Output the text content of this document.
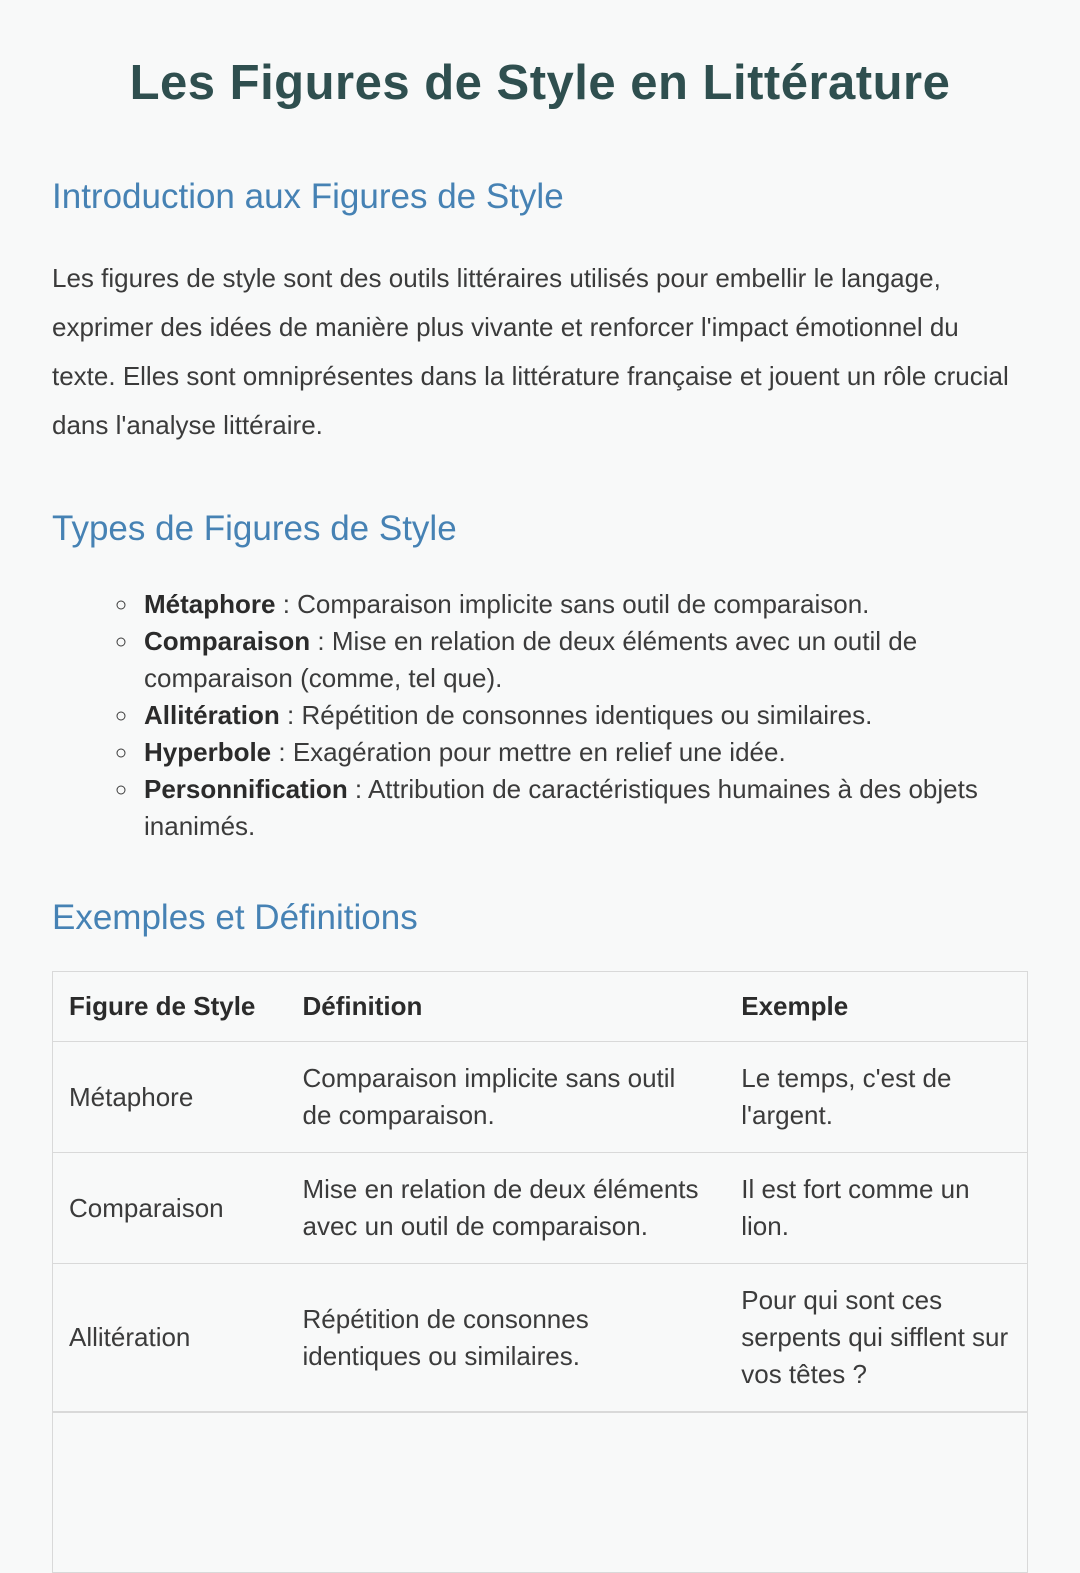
Les Figures de Style en Littérature
Introduction aux Figures de Style

Les figures de style sont des outils littéraires utilisés pour embellir le langage, exprimer des idées de manière plus vivante et renforcer l'impact émotionnel du texte. Elles sont omniprésentes dans la littérature française et jouent un rôle crucial dans l'analyse littéraire.

Types de Figures de Style
◦ Métaphore : Comparaison implicite sans outil de comparaison.
◦ Comparaison : Mise en relation de deux éléments avec un outil de comparaison (comme, tel que).
◦ Allitération : Répétition de consonnes identiques ou similaires.
◦ Hyperbole : Exagération pour mettre en relief une idée.
◦ Personnification : Attribution de caractéristiques humaines à des objets inanimés.
Exemples et Définitions
Figure de Style	Définition	Exemple
Métaphore	Comparaison implicite sans outil de comparaison.	Le temps, c'est de l'argent.
Comparaison	Mise en relation de deux éléments avec un outil de comparaison.	Il est fort comme un lion.
Allitération	Répétition de consonnes identiques ou similaires.	Pour qui sont ces serpents qui sifflent sur vos têtes ?
